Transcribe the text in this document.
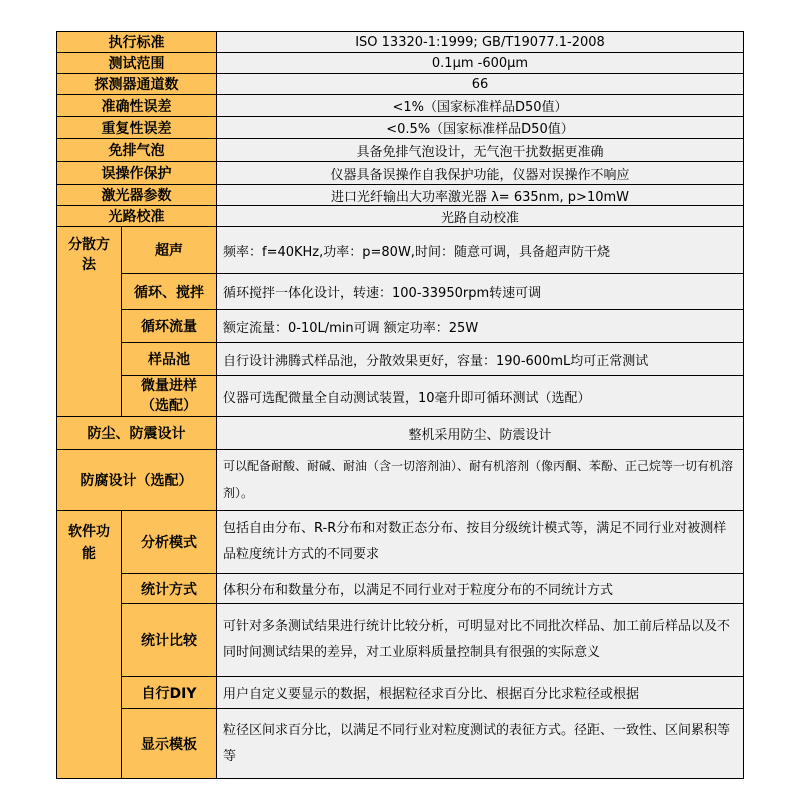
执行标准		ISO 13320-1:1999; GB/T19077.1-2008
测试范围		0.1μm -600μm
探测器通道数		66
准确性误差		<1%（国家标准样品D50值）
重复性误差		<0.5%（国家标准样品D50值）
免排气泡		具备免排气泡设计，无气泡干扰数据更准确
误操作保护		仪器具备误操作自我保护功能，仪器对误操作不响应
激光器参数		进口光纤输出大功率激光器 λ= 635nm, p>10mW
光路校准		光路自动校准
分散方法	超声	频率：f=40KHz,功率：p=80W,时间：随意可调，具备超声防干烧
	循环、搅拌	循环搅拌一体化设计，转速：100-33950rpm转速可调
	循环流量	额定流量：0-10L/min可调 额定功率：25W
	样品池	自行设计沸腾式样品池，分散效果更好，容量：190-600mL均可正常测试
	微量进样（选配）	仪器可选配微量全自动测试装置，10毫升即可循环测试（选配）
防尘、防震设计		整机采用防尘、防震设计
防腐设计（选配）		可以配备耐酸、耐碱、耐油（含一切溶剂油）、耐有机溶剂（像丙酮、苯酚、正己烷等一切有机溶剂）。
软件功能	分析模式	包括自由分布、R-R分布和对数正态分布、按目分级统计模式等，满足不同行业对被测样品粒度统计方式的不同要求
	统计方式	体积分布和数量分布，以满足不同行业对于粒度分布的不同统计方式
	统计比较	可针对多条测试结果进行统计比较分析，可明显对比不同批次样品、加工前后样品以及不同时间测试结果的差异，对工业原料质量控制具有很强的实际意义
	自行DIY	用户自定义要显示的数据，根据粒径求百分比、根据百分比求粒径或根据
	显示模板	粒径区间求百分比，以满足不同行业对粒度测试的表征方式。径距、一致性、区间累积等等
